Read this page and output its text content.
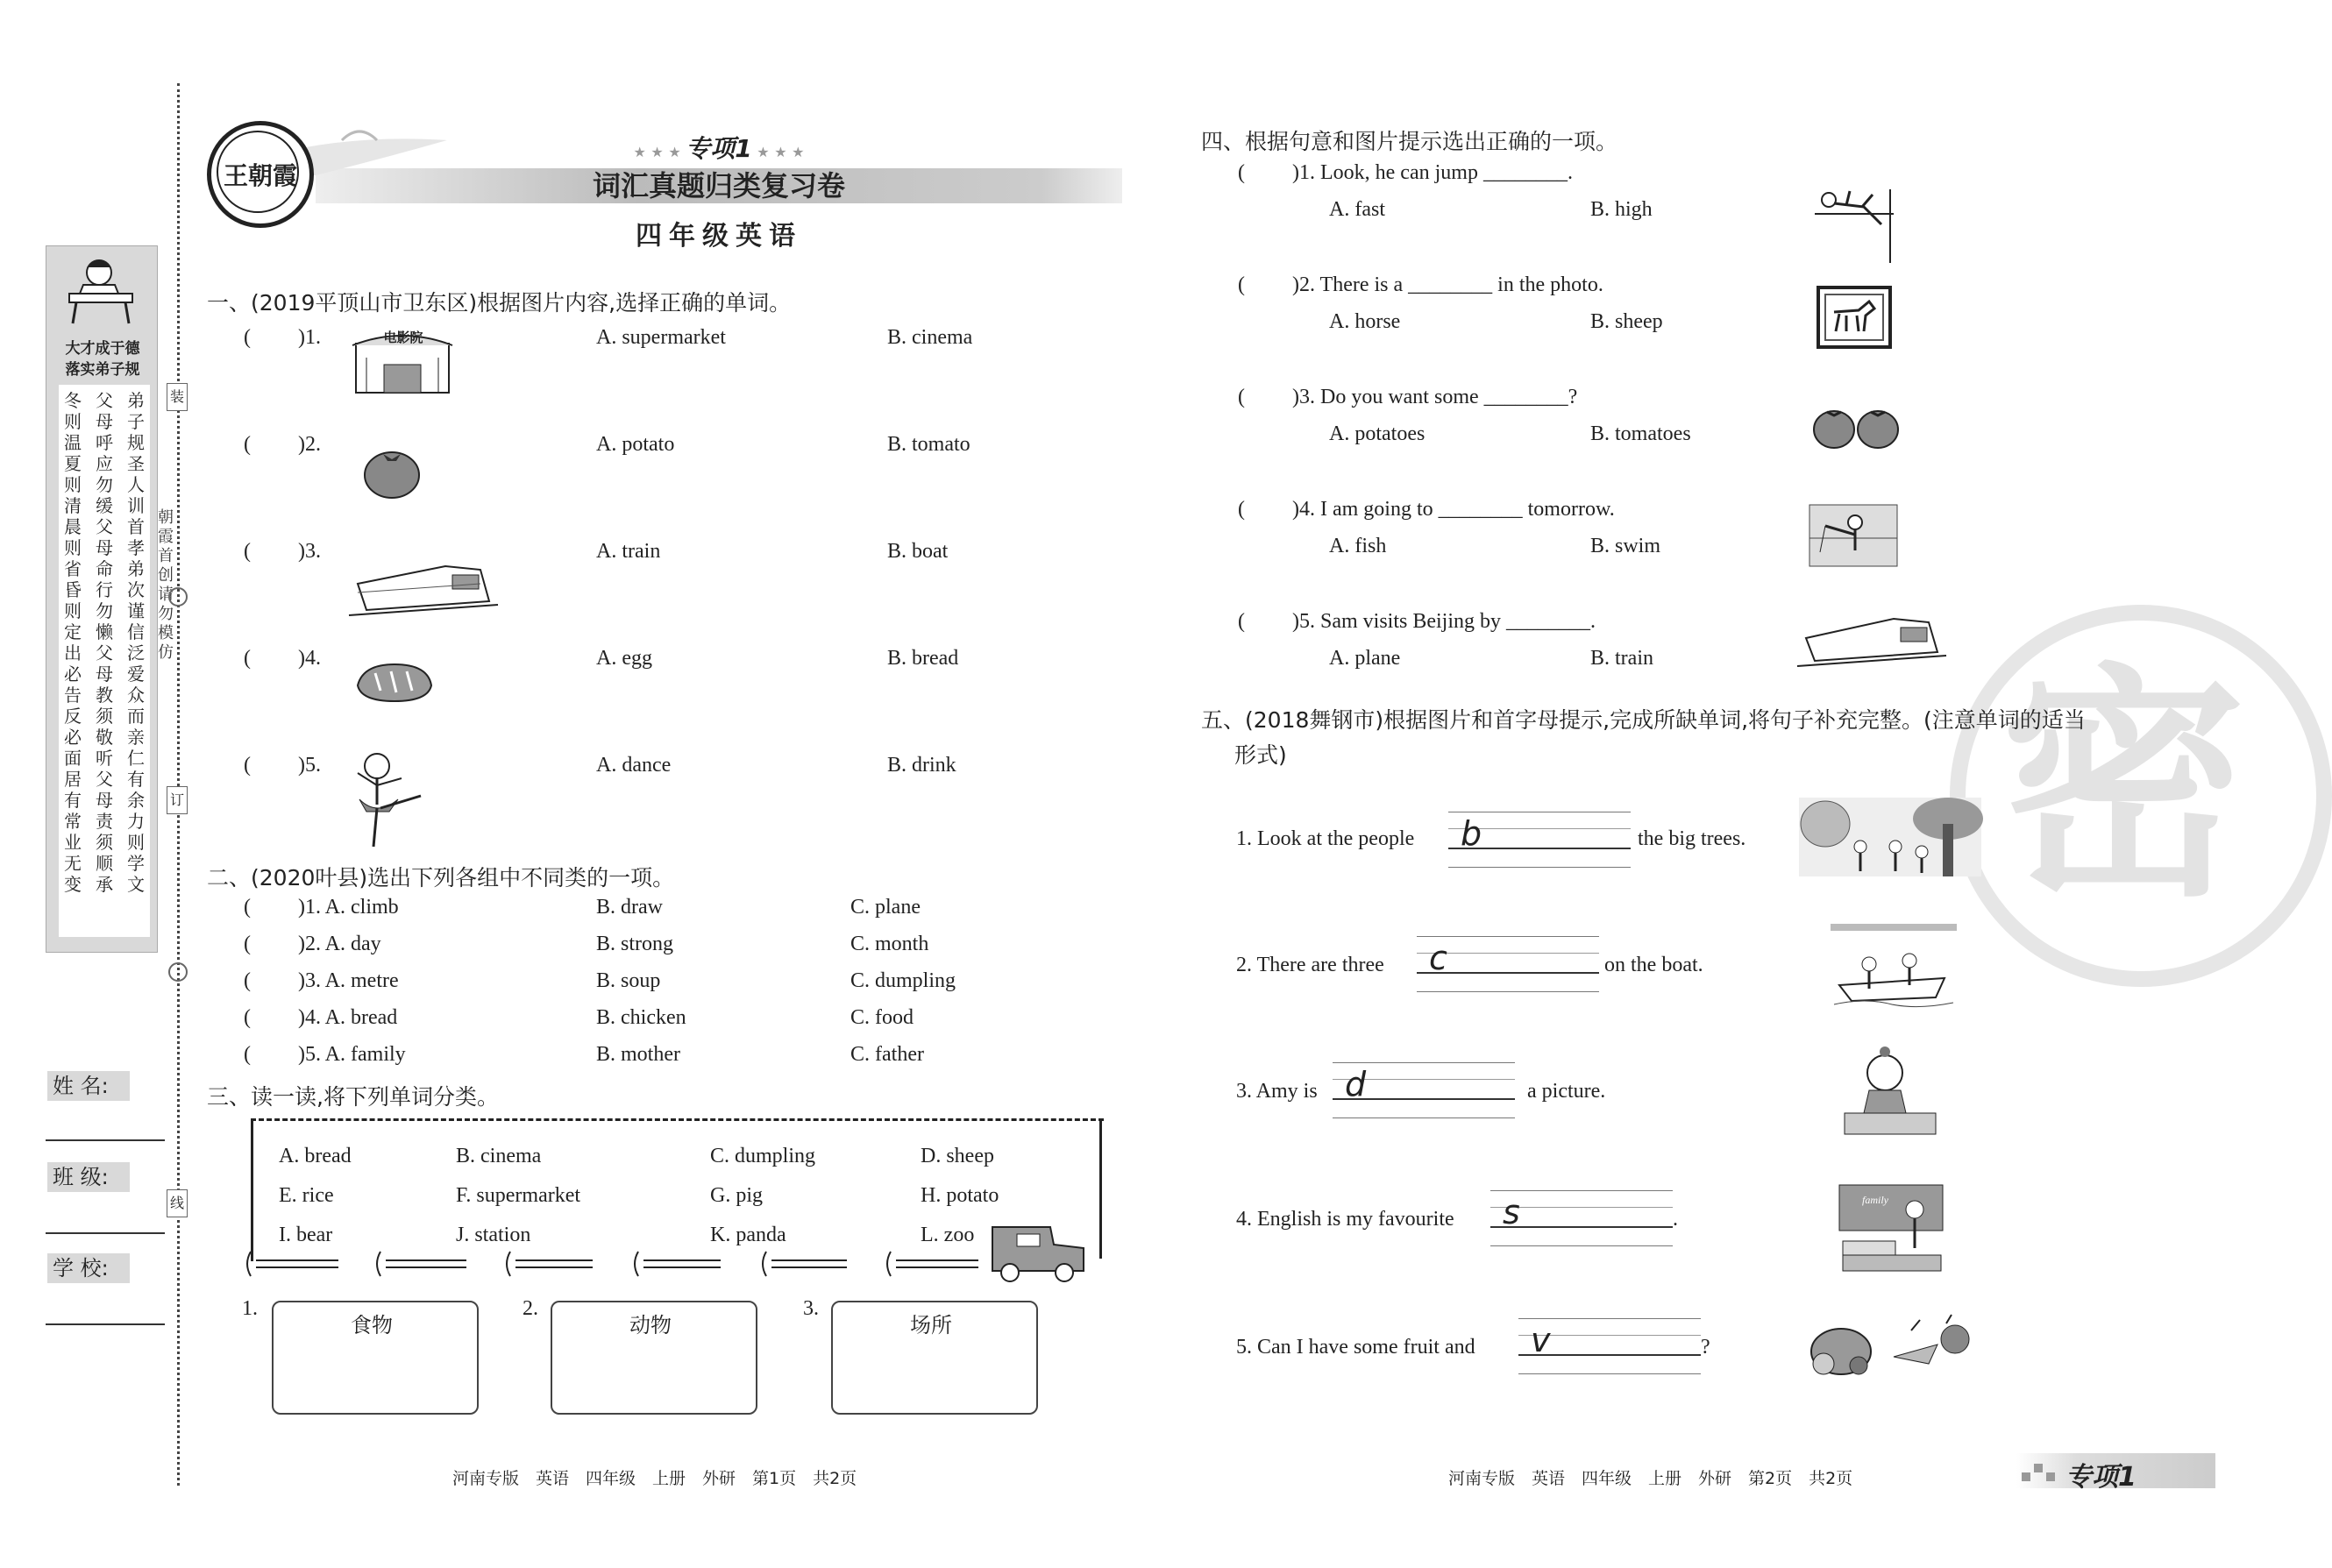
装
订
线
朝霞首创 请勿模仿
大才成于德
落实弟子规
冬则温 夏则清 晨则省 昏则定 出必告 反必面 居有常 业无变
父母呼 应勿缓 父母命 行勿懒 父母教 须敬听 父母责 须顺承
弟子规 圣人训 首孝弟 次谨信 泛爱众 而亲仁 有余力 则学文
姓 名:
班 级:
学 校:
王朝霞
★ ★ ★ 专项1 ★ ★ ★
词汇真题归类复习卷
四年级英语
一、(2019平顶山市卫东区)根据图片内容,选择正确的单词。
( )1.	电影院	A. supermarket	B. cinema
( )2.	A. potato	B. tomato
( )3.	A. train	B. boat
( )4.	A. egg	B. bread
( )5.	A. dance	B. drink
二、(2020叶县)选出下列各组中不同类的一项。
( )1. A. climb	B. draw	C. plane
( )2. A. day	B. strong	C. month
( )3. A. metre	B. soup	C. dumpling
( )4. A. bread	B. chicken	C. food
( )5. A. family	B. mother	C. father
三、读一读,将下列单词分类。
A. bread	B. cinema	C. dumpling	D. sheep
E. rice	F. supermarket	G. pig	H. potato
I. bear	J. station	K. panda	L. zoo
1.
食物
2.
动物
3.
场所
河南专版　英语　四年级　上册　外研　第1页　共2页
密
四、根据句意和图片提示选出正确的一项。
( )1. Look, he can jump ________.
A. fast	B. high
( )2. There is a ________ in the photo.
A. horse	B. sheep
( )3. Do you want some ________?
A. potatoes	B. tomatoes
( )4. I am going to ________ tomorrow.
A. fish	B. swim
( )5. Sam visits Beijing by ________.
A. plane	B. train
五、(2018舞钢市)根据图片和首字母提示,完成所缺单词,将句子补充完整。(注意单词的适当
形式)
1. Look at the people b	the big trees.
2. There are three c	on the boat.
3. Amy is d	a picture.
4. English is my favourite s	.
family
5. Can I have some fruit and v	?
河南专版　英语　四年级　上册　外研　第2页　共2页	专项1
